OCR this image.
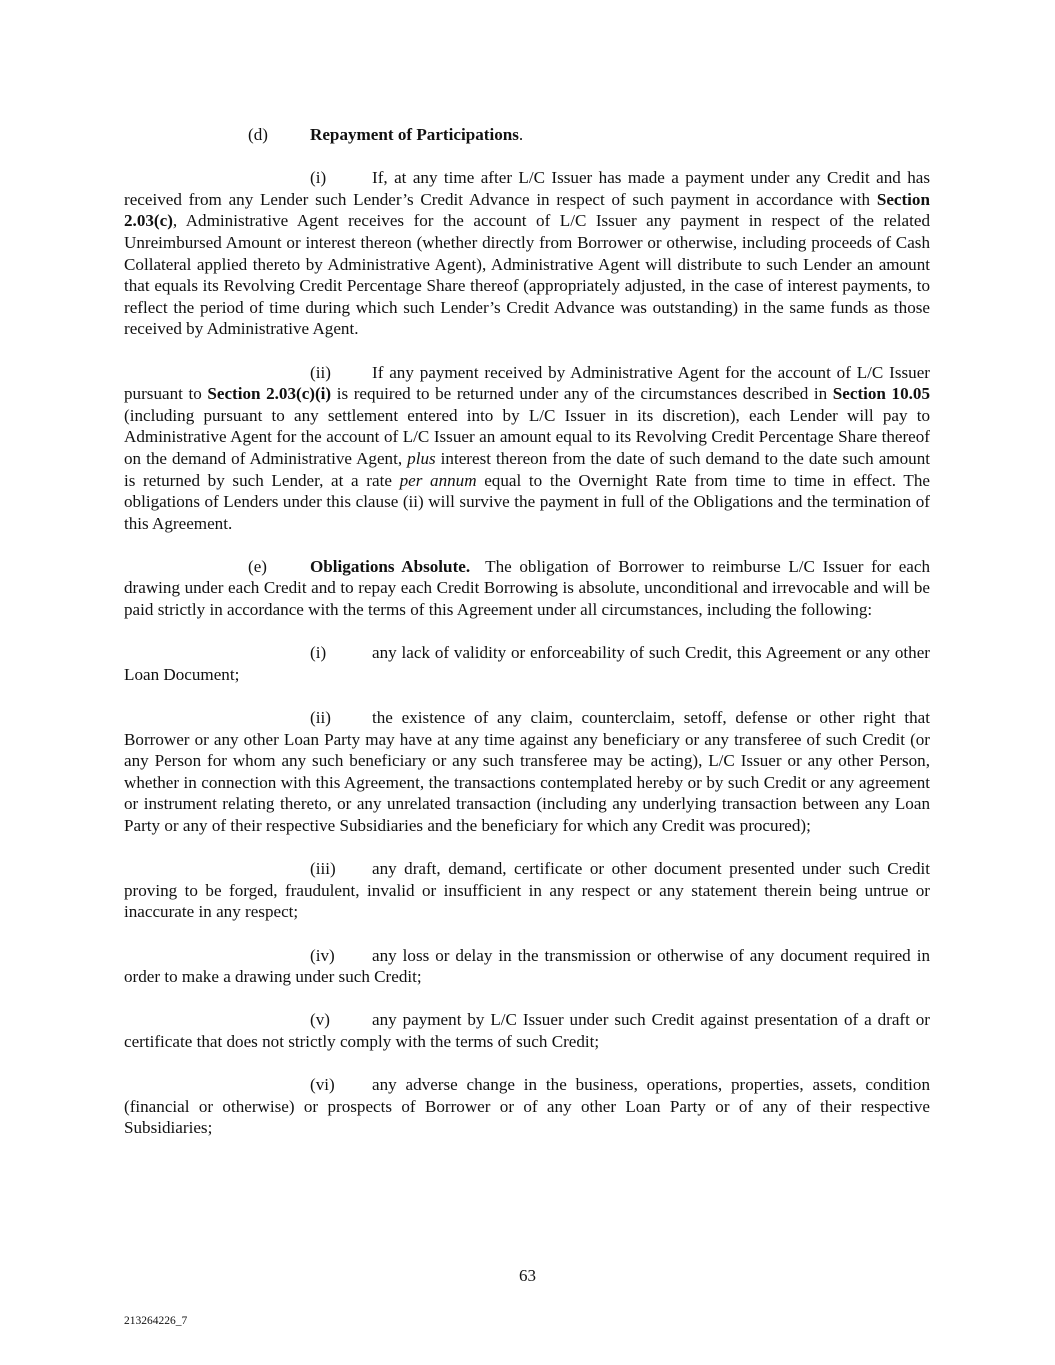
(d) Repayment of Participations.

(i)	If, at any time after L/C Issuer has made a payment under any Credit and has received from any Lender such Lender’s Credit Advance in respect of such payment in accordance with Section 2.03(c), Administrative Agent receives for the account of L/C Issuer any payment in respect of the related Unreimbursed Amount or interest thereon (whether directly from Borrower or otherwise, including proceeds of Cash Collateral applied thereto by Administrative Agent), Administrative Agent will distribute to such Lender an amount that equals its Revolving Credit Percentage Share thereof (appropriately adjusted, in the case of interest payments, to reflect the period of time during which such Lender’s Credit Advance was outstanding) in the same funds as those received by Administrative Agent.

(ii) If any payment received by Administrative Agent for the account of L/C Issuer pursuant to Section 2.03(c)(i) is required to be returned under any of the circumstances described in Section 10.05 (including pursuant to any settlement entered into by L/C Issuer in its discretion), each Lender will pay to Administrative Agent for the account of L/C Issuer an amount equal to its Revolving Credit Percentage Share thereof on the demand of Administrative Agent, plus interest thereon from the date of such demand to the date such amount is returned by such Lender, at a rate per annum equal to the Overnight Rate from time to time in effect. The obligations of Lenders under this clause (ii) will survive the payment in full of the Obligations and the termination of this Agreement.

(e)	Obligations Absolute.  The obligation of Borrower to reimburse L/C Issuer for each drawing under each Credit and to repay each Credit Borrowing is absolute, unconditional and irrevocable and will be paid strictly in accordance with the terms of this Agreement under all circumstances, including the following:

(i)	any lack of validity or enforceability of such Credit, this Agreement or any other Loan Document;

(ii) the existence of any claim, counterclaim, setoff, defense or other right that Borrower or any other Loan Party may have at any time against any beneficiary or any transferee of such Credit (or any Person for whom any such beneficiary or any such transferee may be acting), L/C Issuer or any other Person, whether in connection with this Agreement, the transactions contemplated hereby or by such Credit or any agreement or instrument relating thereto, or any unrelated transaction (including any underlying transaction between any Loan Party or any of their respective Subsidiaries and the beneficiary for which any Credit was procured);

(iii) any draft, demand, certificate or other document presented under such Credit proving to be forged, fraudulent, invalid or insufficient in any respect or any statement therein being untrue or inaccurate in any respect;

(iv) any loss or delay in the transmission or otherwise of any document required in order to make a drawing under such Credit;

(v) any payment by L/C Issuer under such Credit against presentation of a draft or certificate that does not strictly comply with the terms of such Credit;

(vi) any adverse change in the business, operations, properties, assets, condition (financial or otherwise) or prospects of Borrower or of any other Loan Party or of any of their respective Subsidiaries;

63
213264226_7
